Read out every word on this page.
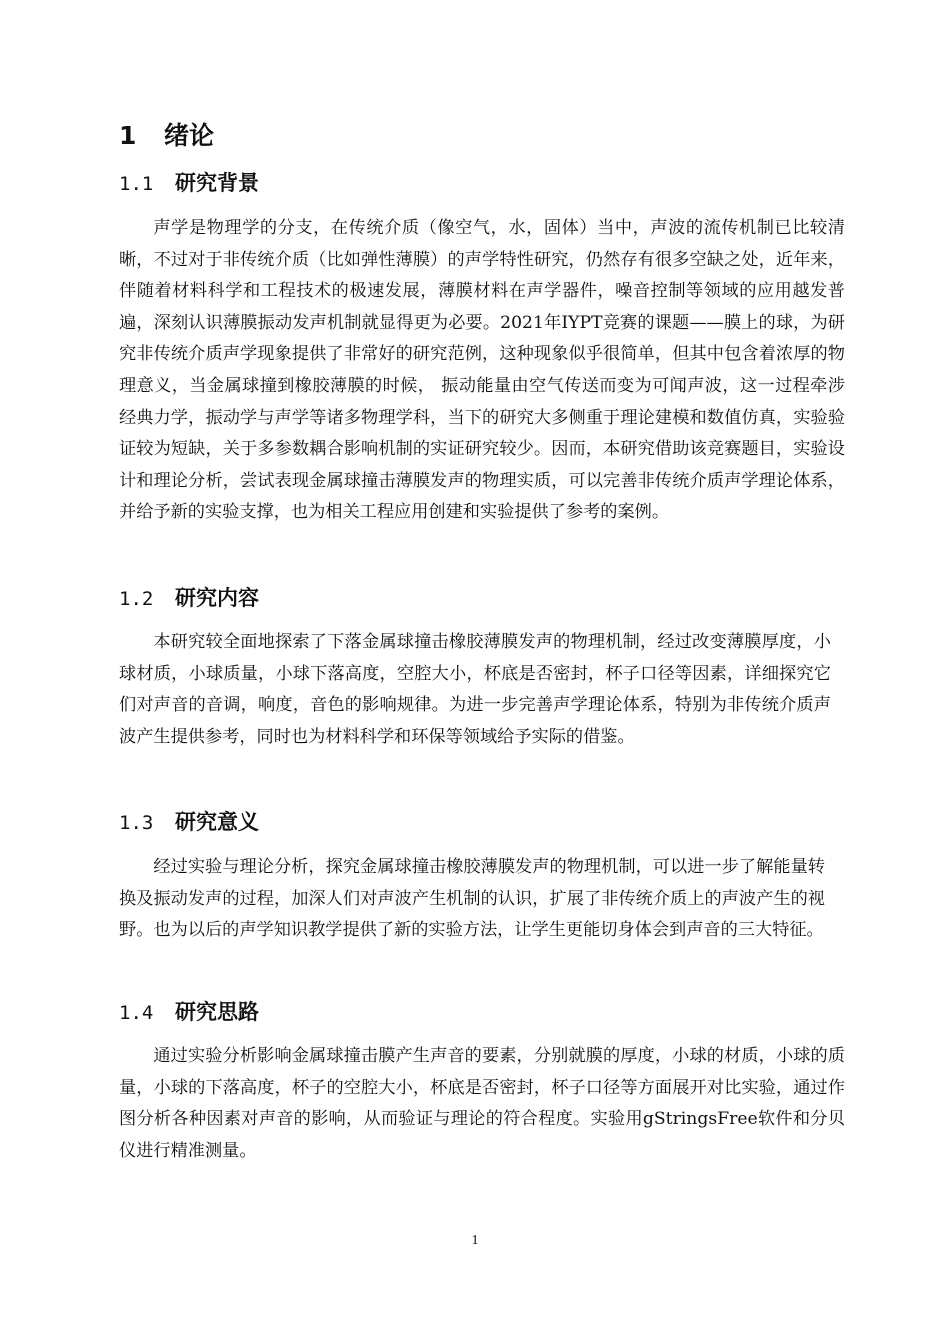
1 绪论
1.1 研究背景

声学是物理学的分支，在传统介质（像空气，水，固体）当中，声波的流传机制已比较清晰，不过对于非传统介质（比如弹性薄膜）的声学特性研究，仍然存有很多空缺之处，近年来，伴随着材料科学和工程技术的极速发展，薄膜材料在声学器件，噪音控制等领域的应用越发普遍，深刻认识薄膜振动发声机制就显得更为必要。2021年IYPT竞赛的课题——膜上的球，为研究非传统介质声学现象提供了非常好的研究范例，这种现象似乎很简单，但其中包含着浓厚的物理意义，当金属球撞到橡胶薄膜的时候， 振动能量由空气传送而变为可闻声波，这一过程牵涉经典力学，振动学与声学等诸多物理学科，当下的研究大多侧重于理论建模和数值仿真，实验验证较为短缺，关于多参数耦合影响机制的实证研究较少。因而，本研究借助该竞赛题目，实验设计和理论分析，尝试表现金属球撞击薄膜发声的物理实质，可以完善非传统介质声学理论体系，并给予新的实验支撑，也为相关工程应用创建和实验提供了参考的案例。

1.2 研究内容

本研究较全面地探索了下落金属球撞击橡胶薄膜发声的物理机制，经过改变薄膜厚度，小球材质，小球质量，小球下落高度，空腔大小，杯底是否密封，杯子口径等因素，详细探究它们对声音的音调，响度，音色的影响规律。为进一步完善声学理论体系，特别为非传统介质声波产生提供参考，同时也为材料科学和环保等领域给予实际的借鉴。

1.3 研究意义

经过实验与理论分析，探究金属球撞击橡胶薄膜发声的物理机制，可以进一步了解能量转换及振动发声的过程，加深人们对声波产生机制的认识，扩展了非传统介质上的声波产生的视野。也为以后的声学知识教学提供了新的实验方法，让学生更能切身体会到声音的三大特征。

1.4 研究思路

通过实验分析影响金属球撞击膜产生声音的要素，分别就膜的厚度，小球的材质，小球的质量，小球的下落高度，杯子的空腔大小，杯底是否密封，杯子口径等方面展开对比实验，通过作图分析各种因素对声音的影响，从而验证与理论的符合程度。实验用gStringsFree软件和分贝仪进行精准测量。

1
